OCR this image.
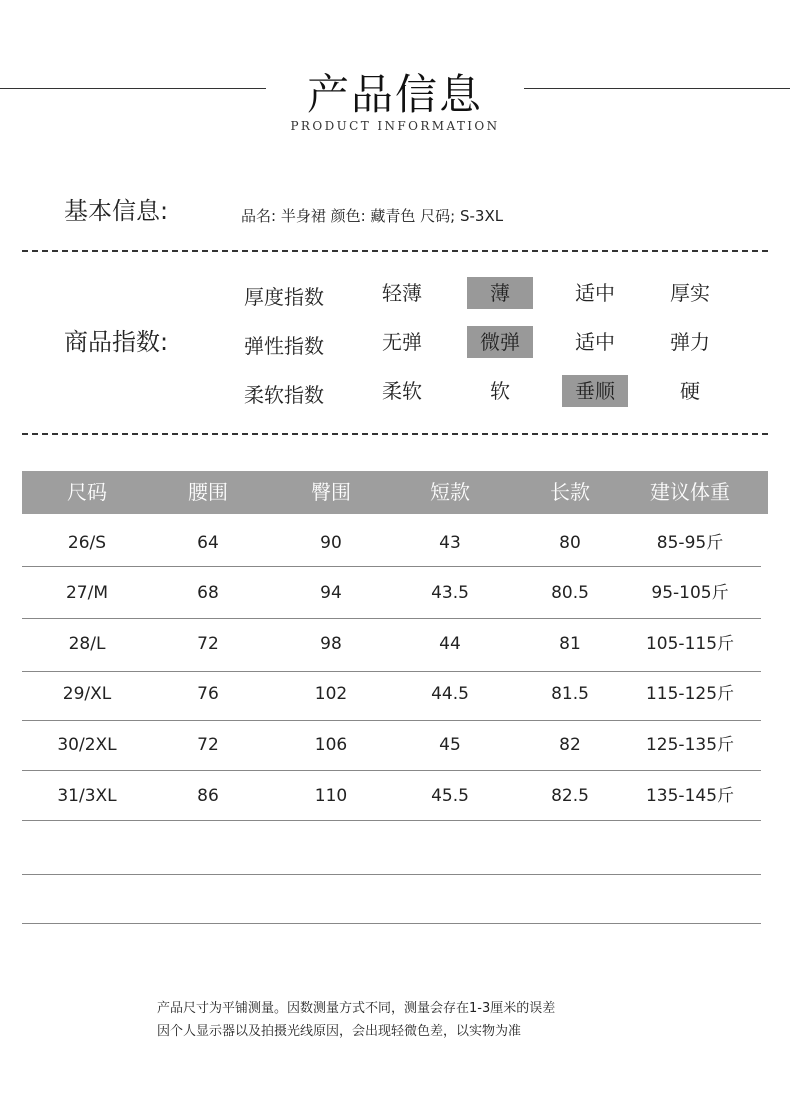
产品信息
PRODUCT INFORMATION
基本信息:	品名: 半身裙 颜色: 藏青色 尺码; S-3XL
商品指数:
厚度指数	轻薄	薄	适中	厚实
弹性指数	无弹	微弹	适中	弹力
柔软指数	柔软	软	垂顺	硬
尺码	腰围	臀围	短款	长款	建议体重
26/S	64	90	43	80	85-95斤
27/M	68	94	43.5	80.5	95-105斤
28/L	72	98	44	81	105-115斤
29/XL	76	102	44.5	81.5	115-125斤
30/2XL	72	106	45	82	125-135斤
31/3XL	86	110	45.5	82.5	135-145斤
产品尺寸为平铺测量。因数测量方式不同，测量会存在1-3厘米的误差
因个人显示器以及拍摄光线原因，会出现轻微色差，以实物为准
